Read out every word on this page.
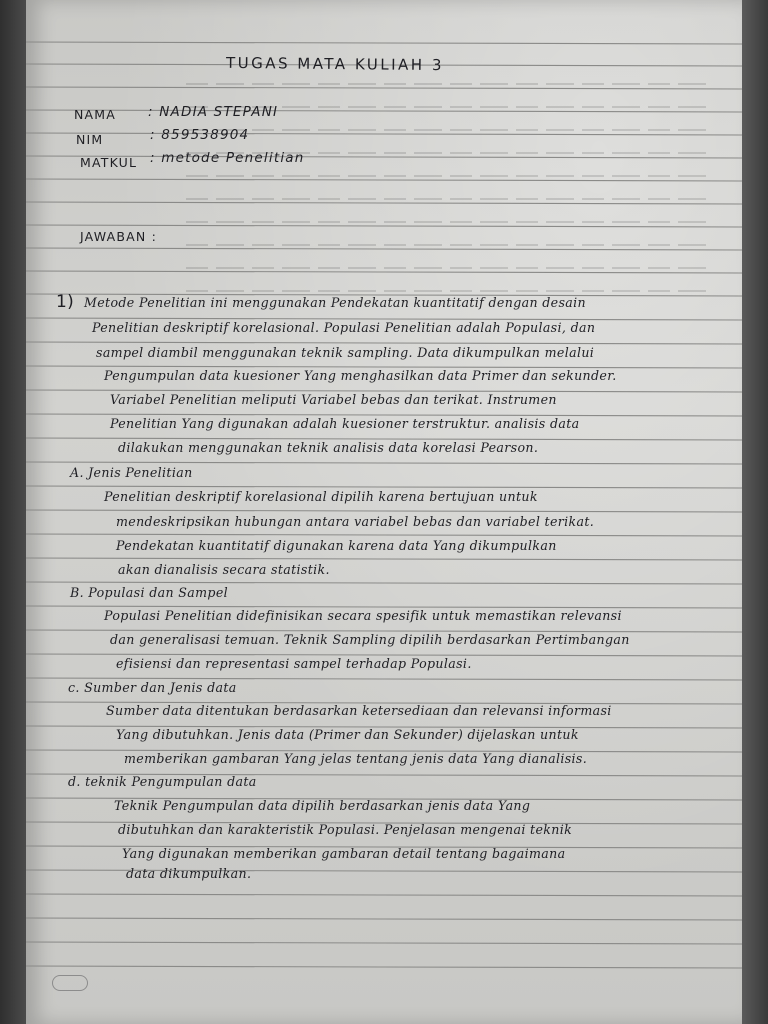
TUGAS MATA KULIAH 3
NAMA : NADIA STEPANI
NIM	: 859538904
MATKUL : metode Penelitian
JAWABAN :
1) Metode Penelitian ini menggunakan Pendekatan kuantitatif dengan desain
Penelitian deskriptif korelasional. Populasi Penelitian adalah Populasi, dan
sampel diambil menggunakan teknik sampling. Data dikumpulkan melalui
Pengumpulan data kuesioner Yang menghasilkan data Primer dan sekunder.
Variabel Penelitian meliputi Variabel bebas dan terikat. Instrumen
Penelitian Yang digunakan adalah kuesioner terstruktur. analisis data
dilakukan menggunakan teknik analisis data korelasi Pearson.
A. Jenis Penelitian
Penelitian deskriptif korelasional dipilih karena bertujuan untuk
mendeskripsikan hubungan antara variabel bebas dan variabel terikat.
Pendekatan kuantitatif digunakan karena data Yang dikumpulkan
akan dianalisis secara statistik.
B. Populasi dan Sampel
Populasi Penelitian didefinisikan secara spesifik untuk memastikan relevansi
dan generalisasi temuan. Teknik Sampling dipilih berdasarkan Pertimbangan
efisiensi dan representasi sampel terhadap Populasi.
c. Sumber dan Jenis data
Sumber data ditentukan berdasarkan ketersediaan dan relevansi informasi
Yang dibutuhkan. Jenis data (Primer dan Sekunder) dijelaskan untuk
memberikan gambaran Yang jelas tentang jenis data Yang dianalisis.
d. teknik Pengumpulan data
Teknik Pengumpulan data dipilih berdasarkan jenis data Yang
dibutuhkan dan karakteristik Populasi. Penjelasan mengenai teknik
Yang digunakan memberikan gambaran detail tentang bagaimana
data dikumpulkan.
